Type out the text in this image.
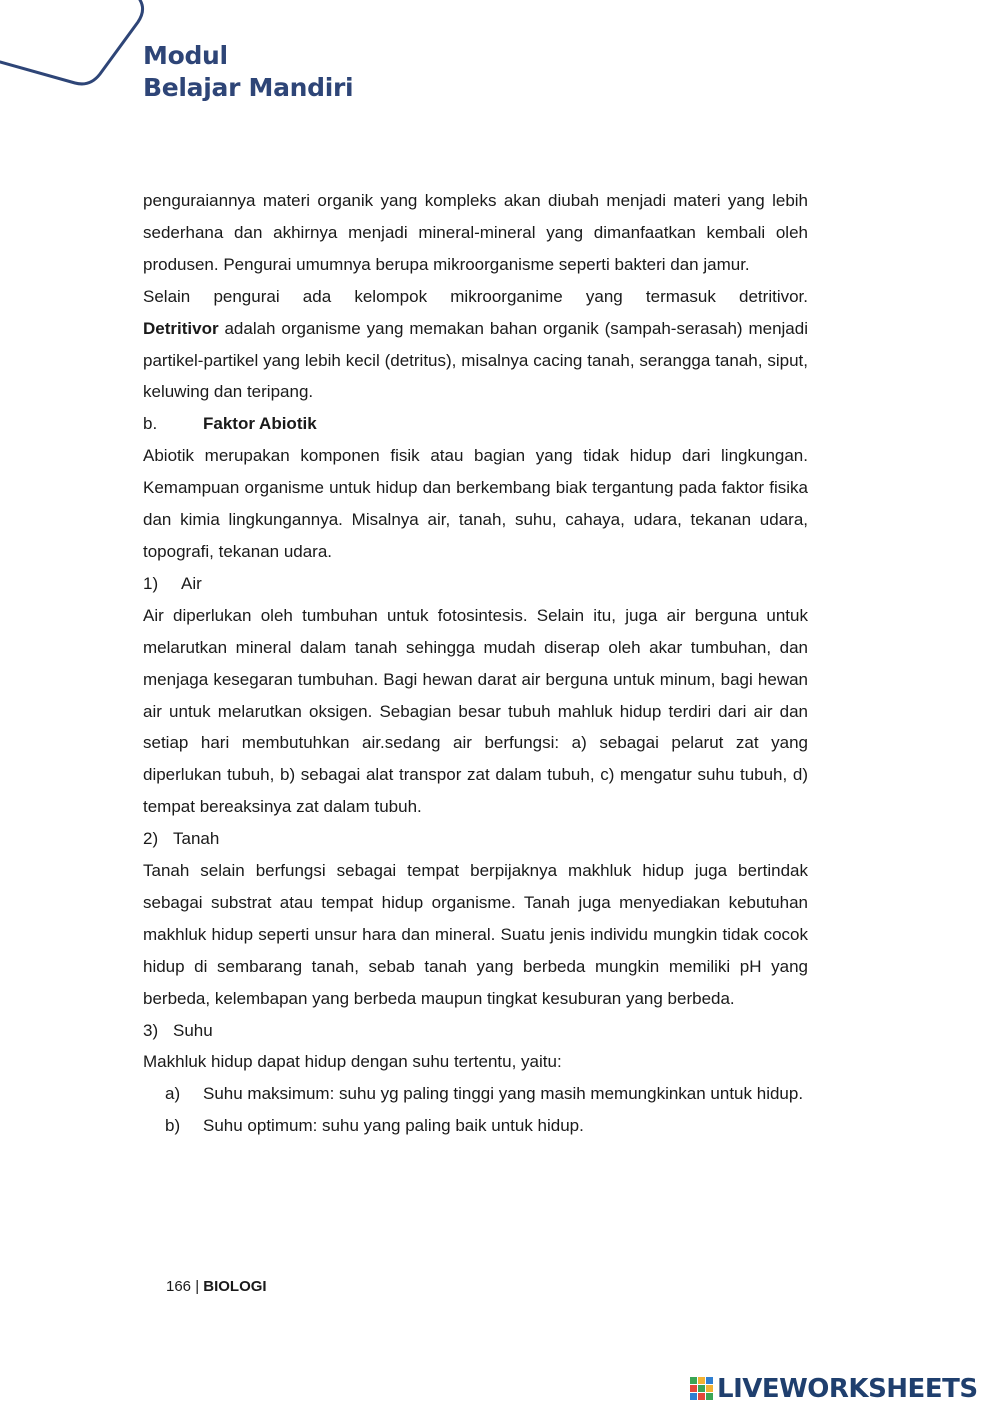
Modul
Belajar Mandiri

penguraiannya materi organik yang kompleks akan diubah menjadi materi yang lebih sederhana dan akhirnya menjadi mineral-mineral yang dimanfaatkan kembali oleh produsen. Pengurai umumnya berupa mikroorganisme seperti bakteri dan jamur.

Selain pengurai ada kelompok mikroorganime yang termasuk detritivor.

Detritivor adalah organisme yang memakan bahan organik (sampah-serasah) menjadi partikel-partikel yang lebih kecil (detritus), misalnya cacing tanah, serangga tanah, siput, keluwing dan teripang.

b.	Faktor Abiotik

Abiotik merupakan komponen fisik atau bagian yang tidak hidup dari lingkungan. Kemampuan organisme untuk hidup dan berkembang biak tergantung pada faktor fisika dan kimia lingkungannya. Misalnya air, tanah, suhu, cahaya, udara, tekanan udara, topografi, tekanan udara.

1)	Air

Air diperlukan oleh tumbuhan untuk fotosintesis. Selain itu, juga air berguna untuk melarutkan mineral dalam tanah sehingga mudah diserap oleh akar tumbuhan, dan menjaga kesegaran tumbuhan. Bagi hewan darat air berguna untuk minum, bagi hewan air untuk melarutkan oksigen. Sebagian besar tubuh mahluk hidup terdiri dari air dan setiap hari membutuhkan air.sedang air berfungsi: a) sebagai pelarut zat yang diperlukan tubuh, b) sebagai alat transpor zat dalam tubuh, c) mengatur suhu tubuh, d) tempat bereaksinya zat dalam tubuh.

2) Tanah

Tanah selain berfungsi sebagai tempat berpijaknya makhluk hidup juga bertindak sebagai substrat atau tempat hidup organisme. Tanah juga menyediakan kebutuhan makhluk hidup seperti unsur hara dan mineral. Suatu jenis individu mungkin tidak cocok hidup di sembarang tanah, sebab tanah yang berbeda mungkin memiliki pH yang berbeda, kelembapan yang berbeda maupun tingkat kesuburan yang berbeda.

3) Suhu

Makhluk hidup dapat hidup dengan suhu tertentu, yaitu:

a)	Suhu maksimum: suhu yg paling tinggi yang masih memungkinkan untuk hidup.
b)	Suhu optimum: suhu yang paling baik untuk hidup.
166 | BIOLOGI
LIVEWORKSHEETS
